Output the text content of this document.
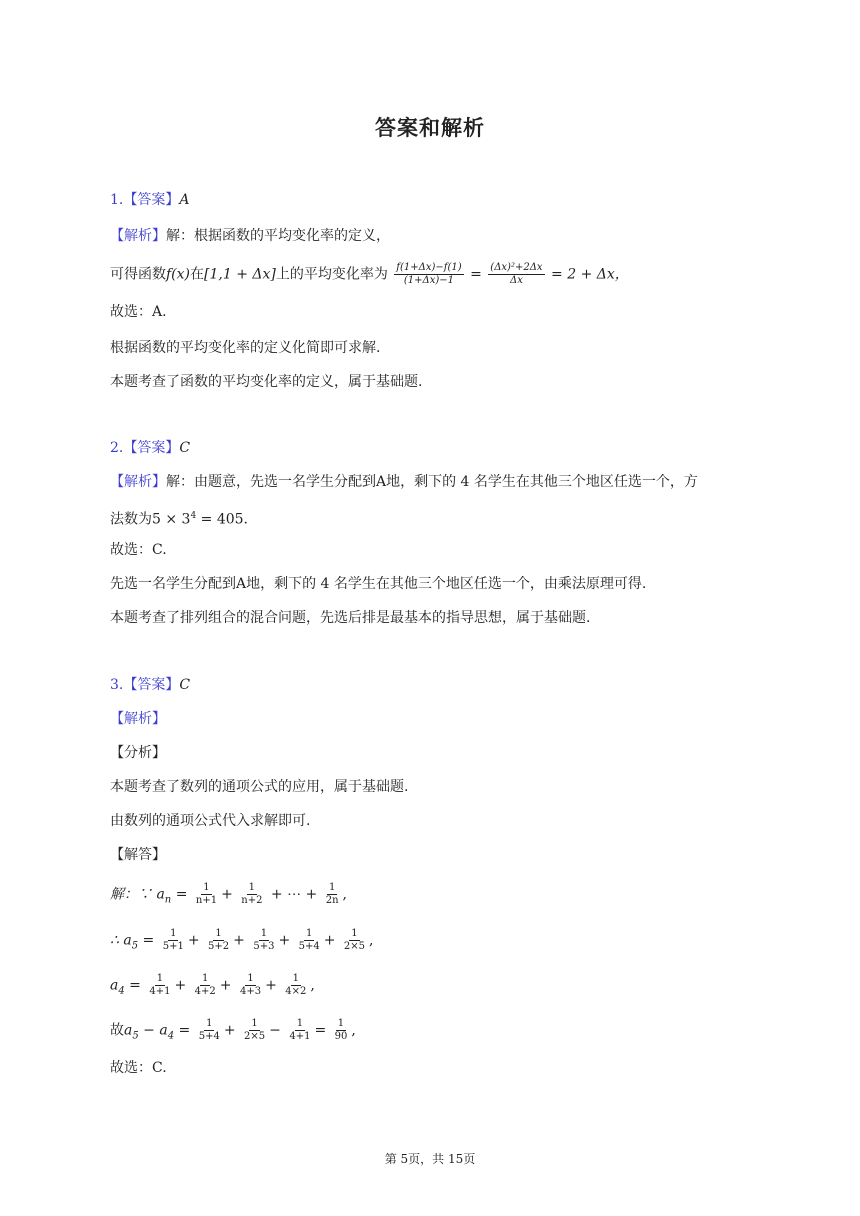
答案和解析
1.【答案】A
【解析】解：根据函数的平均变化率的定义，
可得函数f(x)在[1,1 + Δx]上的平均变化率为 $\frac{f(1+\Delta x)-f(1)}{(1+\Delta x)-1} = \frac{\text{(Δx)²+2Δx}}{\Delta x} = 2 + \Delta x$，
故选：A.
根据函数的平均变化率的定义化简即可求解.
本题考查了函数的平均变化率的定义，属于基础题.
2.【答案】C
【解析】解：由题意，先选一名学生分配到A地，剩下的 4 名学生在其他三个地区任选一个，方
法数为$5 \times 3^4 = 405$.
故选：C.
先选一名学生分配到A地，剩下的 4 名学生在其他三个地区任选一个，由乘法原理可得.
本题考查了排列组合的混合问题，先选后排是最基本的指导思想，属于基础题.
3.【答案】C
【解析】
【分析】
本题考查了数列的通项公式的应用，属于基础题.
由数列的通项公式代入求解即可.
【解答】
解：∵ $a_n = \frac{1}{n+1} + \frac{1}{n+2}$ + ⋯ + $\frac{1}{2n}$ ,
∴ $a_5 = \frac{1}{5+1} + \frac{1}{5+2} + \frac{1}{5+3} + \frac{1}{5+4} + \frac{1}{2\times 5}$ ,
$a_4 = \frac{1}{4+1} + \frac{1}{4+2} + \frac{1}{4+3} + \frac{1}{4\times 2}$ ,
故$a_5 - a_4 = \frac{1}{5+4} + \frac{1}{2\times 5} - \frac{1}{4+1} = \frac{1}{90}$ ,
故选：C.
第 5页，共 15页
